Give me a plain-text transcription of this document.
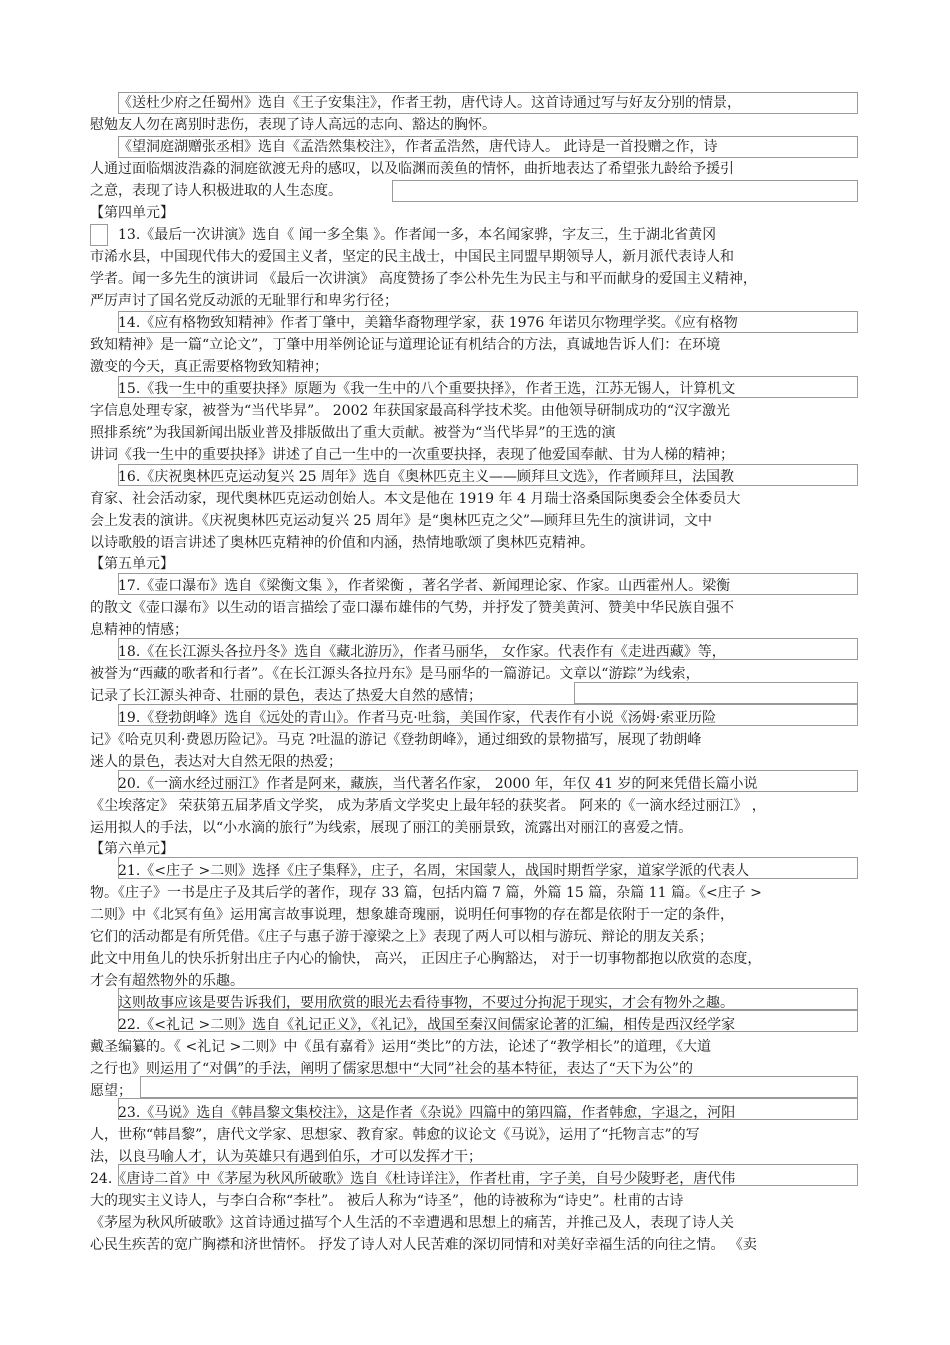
《送杜少府之任蜀州》选自《王子安集注》，作者王勃，唐代诗人。这首诗通过写与好友分别的情景，
慰勉友人勿在离别时悲伤，表现了诗人高远的志向、豁达的胸怀。
《望洞庭湖赠张丞相》选自《孟浩然集校注》，作者孟浩然，唐代诗人。 此诗是一首投赠之作，诗
人通过面临烟波浩淼的洞庭欲渡无舟的感叹，以及临渊而羡鱼的情怀，曲折地表达了希望张九龄给予援引
之意，表现了诗人积极进取的人生态度。
【第四单元】
13.《最后一次讲演》选自《 闻一多全集 》。作者闻一多，本名闻家骅，字友三，生于湖北省黄冈
市浠水县，中国现代伟大的爱国主义者，坚定的民主战士，中国民主同盟早期领导人，新月派代表诗人和
学者。闻一多先生的演讲词 《最后一次讲演》 高度赞扬了李公朴先生为民主与和平而献身的爱国主义精神，
严厉声讨了国名党反动派的无耻罪行和卑劣行径；
14.《应有格物致知精神》作者丁肇中，美籍华裔物理学家，获 1976 年诺贝尔物理学奖。《应有格物
致知精神》是一篇“立论文”，丁肇中用举例论证与道理论证有机结合的方法，真诚地告诉人们：在环境
激变的今天，真正需要格物致知精神；
15.《我一生中的重要抉择》原题为《我一生中的八个重要抉择》，作者王选，江苏无锡人，计算机文
字信息处理专家，被誉为“当代毕昇”。 2002 年获国家最高科学技术奖。由他领导研制成功的“汉字激光
照排系统”为我国新闻出版业普及排版做出了重大贡献。被誉为“当代毕昇”的王选的演
讲词《我一生中的重要抉择》讲述了自己一生中的一次重要抉择，表现了他爱国奉献、甘为人梯的精神；
16.《庆祝奥林匹克运动复兴 25 周年》选自《奥林匹克主义——顾拜旦文选》，作者顾拜旦，法国教
育家、社会活动家，现代奥林匹克运动创始人。本文是他在 1919 年 4 月瑞士洛桑国际奥委会全体委员大
会上发表的演讲。《庆祝奥林匹克运动复兴 25 周年》是“奥林匹克之父”—顾拜旦先生的演讲词，文中
以诗歌般的语言讲述了奥林匹克精神的价值和内涵，热情地歌颂了奥林匹克精神。
【第五单元】
17.《壶口瀑布》选自《梁衡文集 》，作者梁衡 ，著名学者、新闻理论家、作家。山西霍州人。梁衡
的散文《壶口瀑布》以生动的语言描绘了壶口瀑布雄伟的气势，并抒发了赞美黄河、赞美中华民族自强不
息精神的情感；
18.《在长江源头各拉丹冬》选自《藏北游历》，作者马丽华， 女作家。代表作有《走进西藏》等，
被誉为“西藏的歌者和行者”。《在长江源头各拉丹东》是马丽华的一篇游记。文章以“游踪”为线索，
记录了长江源头神奇、壮丽的景色，表达了热爱大自然的感情；
19.《登勃朗峰》选自《远处的青山》。作者马克·吐翁，美国作家，代表作有小说《汤姆·索亚历险
记》《哈克贝利·费恩历险记》。马克 ?吐温的游记《登勃朗峰》，通过细致的景物描写，展现了勃朗峰
迷人的景色，表达对大自然无限的热爱；
20.《一滴水经过丽江》作者是阿来，藏族，当代著名作家， 2000 年，年仅 41 岁的阿来凭借长篇小说
《尘埃落定》 荣获第五届茅盾文学奖， 成为茅盾文学奖史上最年轻的获奖者。 阿来的《一滴水经过丽江》 ，
运用拟人的手法，以“小水滴的旅行”为线索，展现了丽江的美丽景致，流露出对丽江的喜爱之情。
【第六单元】
21.《<庄子 >二则》选择《庄子集释》，庄子，名周，宋国蒙人，战国时期哲学家，道家学派的代表人
物。《庄子》一书是庄子及其后学的著作，现存 33 篇，包括内篇 7 篇，外篇 15 篇，杂篇 11 篇。《<庄子 >
二则》中《北冥有鱼》运用寓言故事说理，想象雄奇瑰丽，说明任何事物的存在都是依附于一定的条件，
它们的活动都是有所凭借。《庄子与惠子游于濠梁之上》表现了两人可以相与游玩、辩论的朋友关系；
此文中用鱼儿的快乐折射出庄子内心的愉快， 高兴， 正因庄子心胸豁达， 对于一切事物都抱以欣赏的态度，
才会有超然物外的乐趣。
这则故事应该是要告诉我们，要用欣赏的眼光去看待事物，不要过分拘泥于现实，才会有物外之趣。
22.《<礼记 >二则》选自《礼记正义》，《礼记》，战国至秦汉间儒家论著的汇编，相传是西汉经学家
戴圣编纂的。《 <礼记 >二则》中《虽有嘉肴》运用“类比”的方法，论述了“教学相长”的道理，《大道
之行也》则运用了“对偶”的手法，阐明了儒家思想中“大同”社会的基本特征，表达了“天下为公”的
愿望；
23.《马说》选自《韩昌黎文集校注》，这是作者《杂说》四篇中的第四篇，作者韩愈，字退之，河阳
人，世称“韩昌黎”，唐代文学家、思想家、教育家。韩愈的议论文《马说》，运用了“托物言志”的写
法，以良马喻人才，认为英雄只有遇到伯乐，才可以发挥才干；
24.《唐诗二首》中《茅屋为秋风所破歌》选自《杜诗详注》，作者杜甫，字子美，自号少陵野老，唐代伟
大的现实主义诗人，与李白合称“李杜”。 被后人称为“诗圣”，他的诗被称为“诗史”。杜甫的古诗
《茅屋为秋风所破歌》这首诗通过描写个人生活的不幸遭遇和思想上的痛苦，并推己及人，表现了诗人关
心民生疾苦的宽广胸襟和济世情怀。 抒发了诗人对人民苦难的深切同情和对美好幸福生活的向往之情。 《卖
